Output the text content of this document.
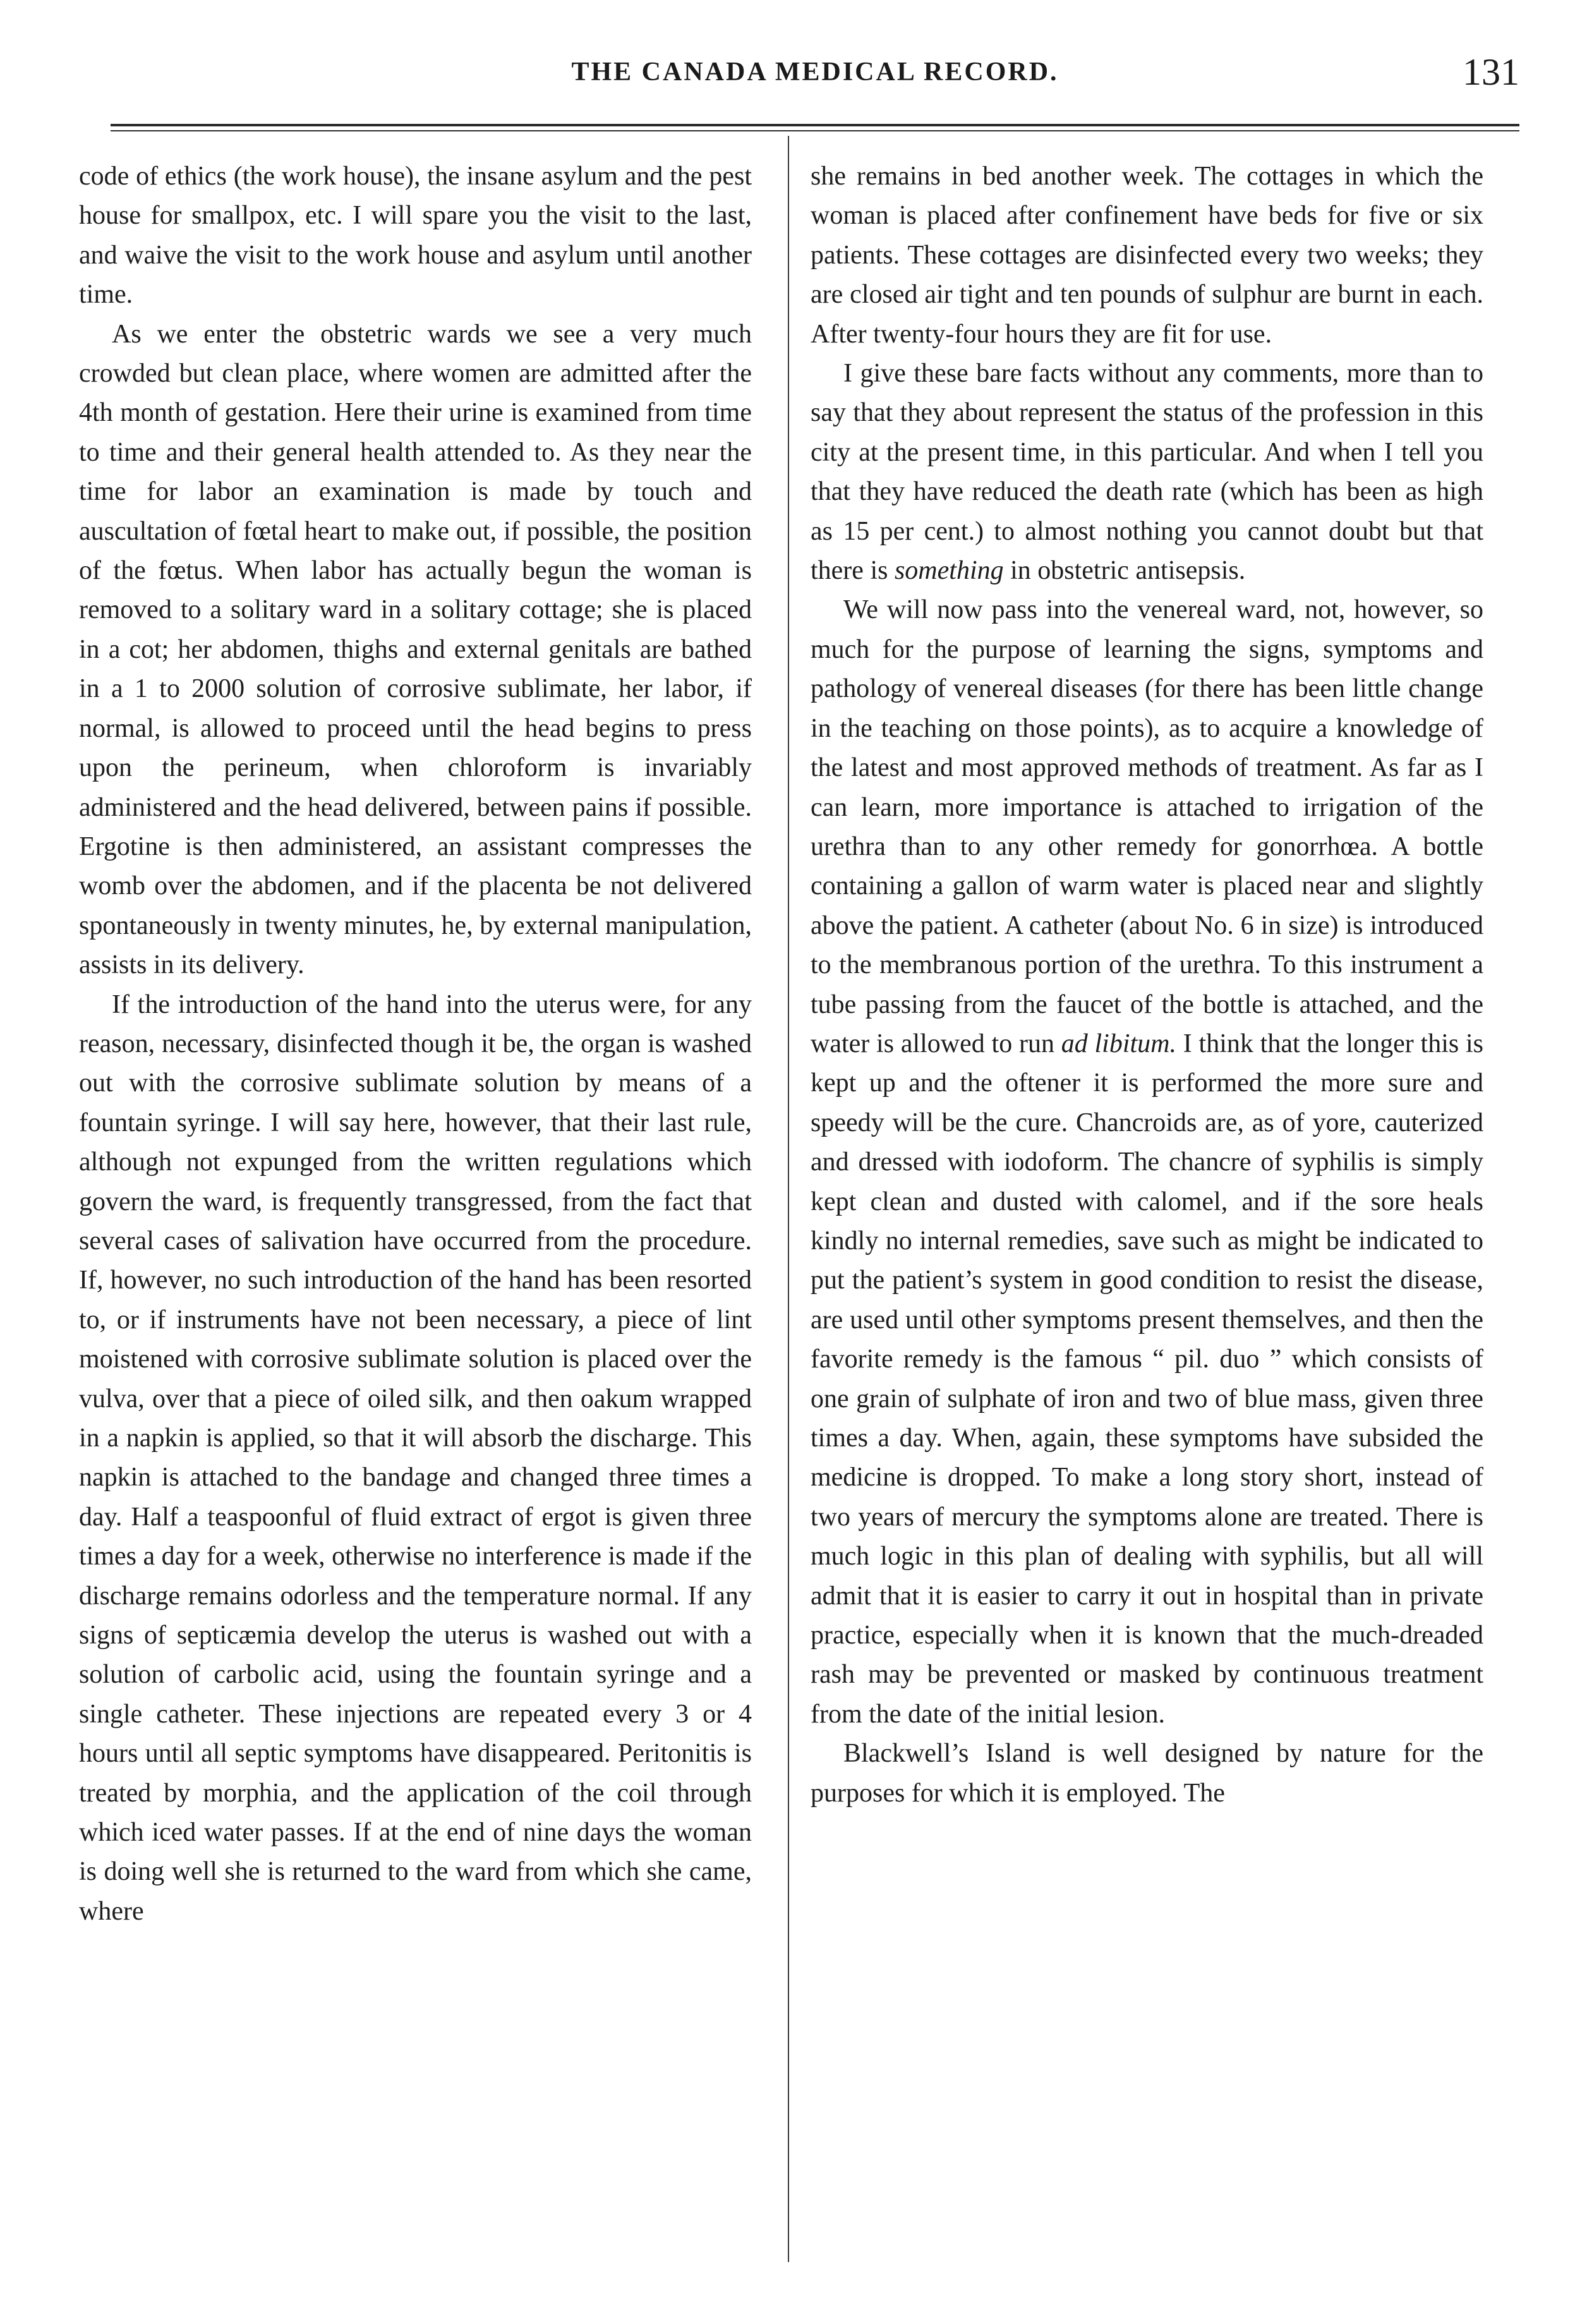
THE CANADA MEDICAL RECORD.	131

code of ethics (the work house), the insane asylum and the pest house for smallpox, etc. I will spare you the visit to the last, and waive the visit to the work house and asylum until another time.

As we enter the obstetric wards we see a very much crowded but clean place, where women are admitted after the 4th month of gestation. Here their urine is examined from time to time and their general health attended to. As they near the time for labor an examination is made by touch and auscultation of fœtal heart to make out, if possible, the position of the fœtus. When labor has actually begun the woman is removed to a solitary ward in a solitary cottage; she is placed in a cot; her abdomen, thighs and external genitals are bathed in a 1 to 2000 solution of corrosive sublimate, her labor, if normal, is allowed to proceed until the head begins to press upon the perineum, when chloroform is invariably administered and the head delivered, between pains if possible. Ergotine is then administered, an assistant compresses the womb over the abdomen, and if the placenta be not delivered spontaneously in twenty minutes, he, by external manipulation, assists in its delivery.

If the introduction of the hand into the uterus were, for any reason, necessary, disinfected though it be, the organ is washed out with the corrosive sublimate solution by means of a fountain syringe. I will say here, however, that their last rule, although not expunged from the written regulations which govern the ward, is frequently transgressed, from the fact that several cases of salivation have occurred from the procedure. If, however, no such introduction of the hand has been resorted to, or if instruments have not been necessary, a piece of lint moistened with corrosive sublimate solution is placed over the vulva, over that a piece of oiled silk, and then oakum wrapped in a napkin is applied, so that it will absorb the discharge. This napkin is attached to the bandage and changed three times a day. Half a teaspoonful of fluid extract of ergot is given three times a day for a week, otherwise no interference is made if the discharge remains odorless and the temperature normal. If any signs of septicæmia develop the uterus is washed out with a solution of carbolic acid, using the fountain syringe and a single catheter. These injections are repeated every 3 or 4 hours until all septic symptoms have disappeared. Peritonitis is treated by morphia, and the application of the coil through which iced water passes. If at the end of nine days the woman is doing well she is returned to the ward from which she came, where

she remains in bed another week. The cottages in which the woman is placed after confinement have beds for five or six patients. These cottages are disinfected every two weeks; they are closed air tight and ten pounds of sulphur are burnt in each. After twenty-four hours they are fit for use.

I give these bare facts without any comments, more than to say that they about represent the status of the profession in this city at the present time, in this particular. And when I tell you that they have reduced the death rate (which has been as high as 15 per cent.) to almost nothing you cannot doubt but that there is something in obstetric antisepsis.

We will now pass into the venereal ward, not, however, so much for the purpose of learning the signs, symptoms and pathology of venereal diseases (for there has been little change in the teaching on those points), as to acquire a knowledge of the latest and most approved methods of treatment. As far as I can learn, more importance is attached to irrigation of the urethra than to any other remedy for gonorrhœa. A bottle containing a gallon of warm water is placed near and slightly above the patient. A catheter (about No. 6 in size) is introduced to the membranous portion of the urethra. To this instrument a tube passing from the faucet of the bottle is attached, and the water is allowed to run ad libitum. I think that the longer this is kept up and the oftener it is performed the more sure and speedy will be the cure. Chancroids are, as of yore, cauterized and dressed with iodoform. The chancre of syphilis is simply kept clean and dusted with calomel, and if the sore heals kindly no internal remedies, save such as might be indicated to put the patient’s system in good condition to resist the disease, are used until other symptoms present themselves, and then the favorite remedy is the famous “ pil. duo ” which consists of one grain of sulphate of iron and two of blue mass, given three times a day. When, again, these symptoms have subsided the medicine is dropped. To make a long story short, instead of two years of mercury the symptoms alone are treated. There is much logic in this plan of dealing with syphilis, but all will admit that it is easier to carry it out in hospital than in private practice, especially when it is known that the much-dreaded rash may be prevented or masked by continuous treatment from the date of the initial lesion.

Blackwell’s Island is well designed by nature for the purposes for which it is employed. The
